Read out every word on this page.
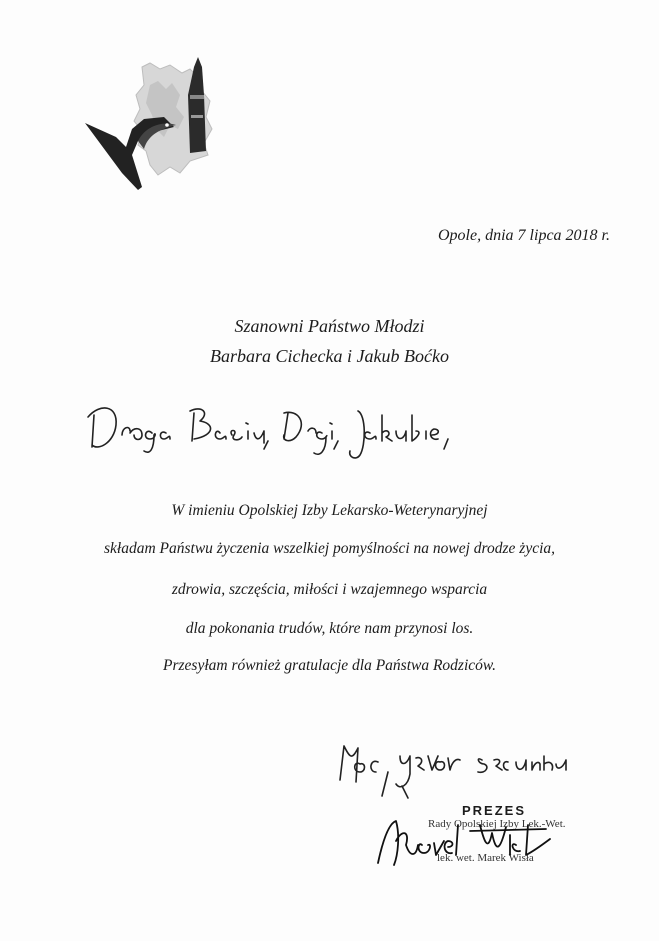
Opole, dnia 7 lipca 2018 r.
Szanowni Państwo Młodzi
Barbara Cichecka i Jakub Boćko
W imieniu Opolskiej Izby Lekarsko-Weterynaryjnej
składam Państwu życzenia wszelkiej pomyślności na nowej drodze życia,
zdrowia, szczęścia, miłości i wzajemnego wsparcia
dla pokonania trudów, które nam przynosi los.
Przesyłam również gratulacje dla Państwa Rodziców.
PREZES
Rady Opolskiej Izby Lek.-Wet.
lek. wet. Marek Wisła
